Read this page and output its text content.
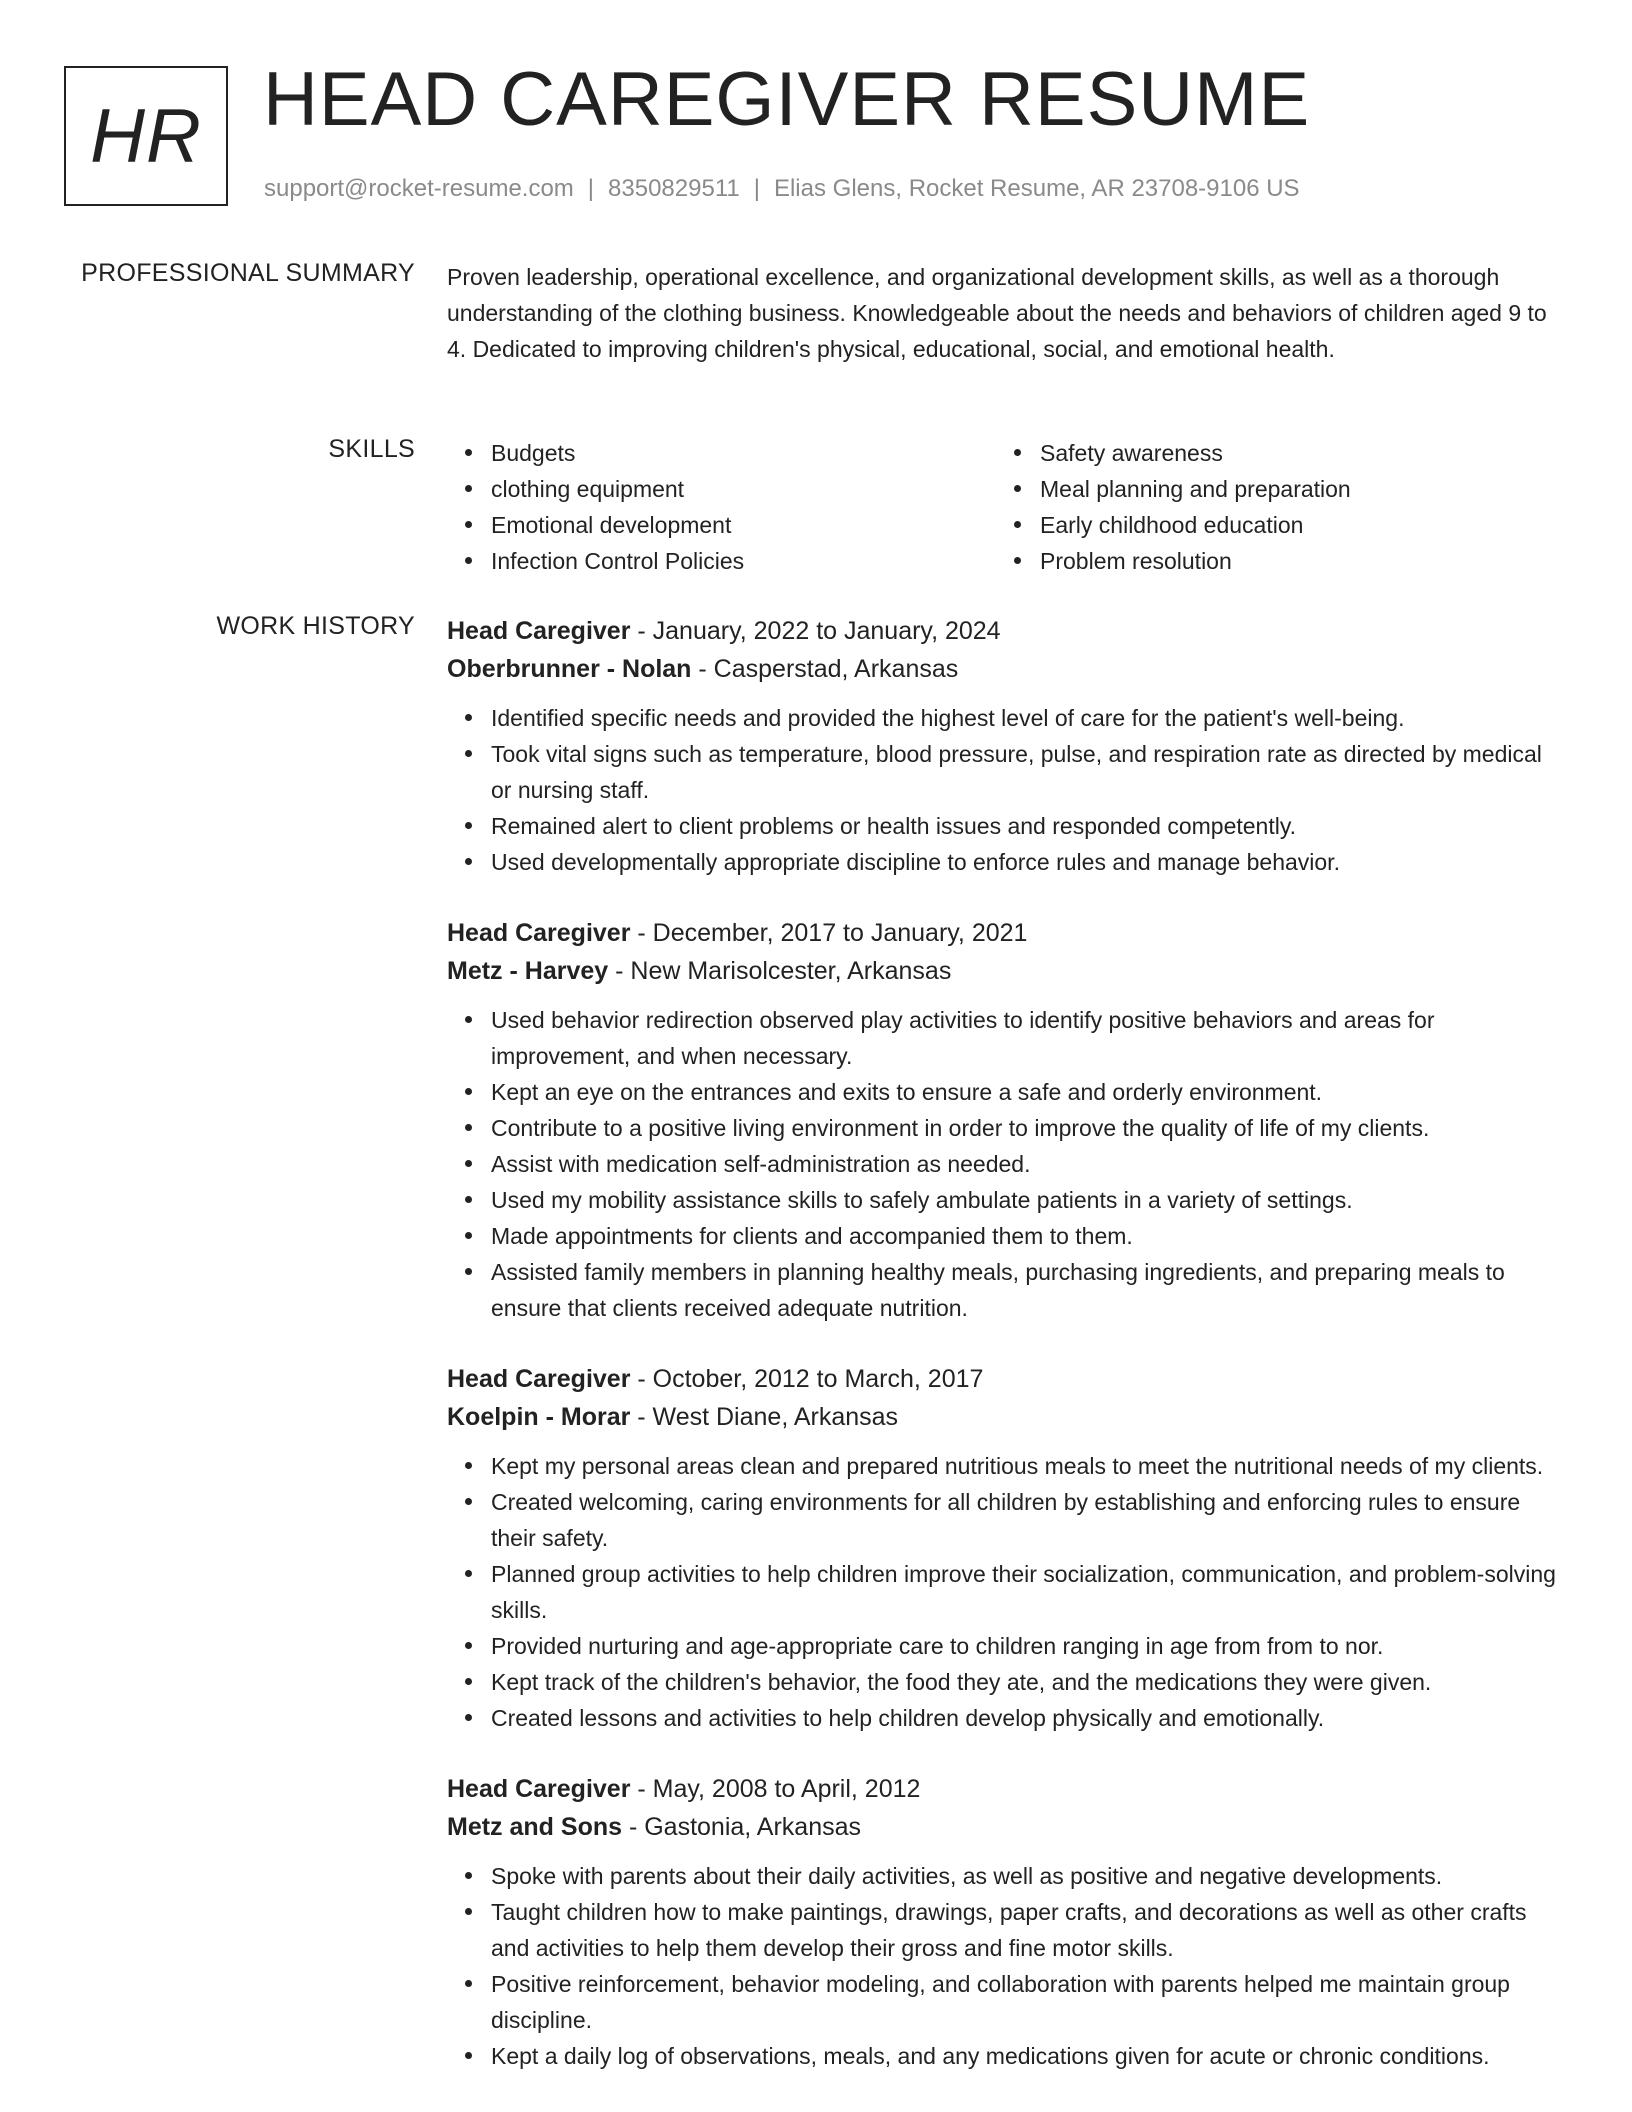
HR HEAD CAREGIVER RESUME
support@rocket-resume.com | 8350829511 | Elias Glens, Rocket Resume, AR 23708-9106 US
PROFESSIONAL SUMMARY Proven leadership, operational excellence, and organizational development skills, as well as a thorough understanding of the clothing business. Knowledgeable about the needs and behaviors of children aged 9 to 4. Dedicated to improving children's physical, educational, social, and emotional health.

SKILLS	Budgets
clothing equipment
Emotional development
Infection Control Policies
Safety awareness
Meal planning and preparation
Early childhood education
Problem resolution
WORK HISTORY Head Caregiver - January, 2022 to January, 2024
Oberbrunner - Nolan - Casperstad, Arkansas
Identified specific needs and provided the highest level of care for the patient's well-being.
Took vital signs such as temperature, blood pressure, pulse, and respiration rate as directed by medical or nursing staff.
Remained alert to client problems or health issues and responded competently.
Used developmentally appropriate discipline to enforce rules and manage behavior.
Head Caregiver - December, 2017 to January, 2021
Metz - Harvey - New Marisolcester, Arkansas
Used behavior redirection observed play activities to identify positive behaviors and areas for improvement, and when necessary.
Kept an eye on the entrances and exits to ensure a safe and orderly environment.
Contribute to a positive living environment in order to improve the quality of life of my clients.
Assist with medication self-administration as needed.
Used my mobility assistance skills to safely ambulate patients in a variety of settings.
Made appointments for clients and accompanied them to them.
Assisted family members in planning healthy meals, purchasing ingredients, and preparing meals to ensure that clients received adequate nutrition.
Head Caregiver - October, 2012 to March, 2017
Koelpin - Morar - West Diane, Arkansas
Kept my personal areas clean and prepared nutritious meals to meet the nutritional needs of my clients.
Created welcoming, caring environments for all children by establishing and enforcing rules to ensure their safety.
Planned group activities to help children improve their socialization, communication, and problem-solving skills.
Provided nurturing and age-appropriate care to children ranging in age from from to nor.
Kept track of the children's behavior, the food they ate, and the medications they were given.
Created lessons and activities to help children develop physically and emotionally.
Head Caregiver - May, 2008 to April, 2012
Metz and Sons - Gastonia, Arkansas
Spoke with parents about their daily activities, as well as positive and negative developments.
Taught children how to make paintings, drawings, paper crafts, and decorations as well as other crafts and activities to help them develop their gross and fine motor skills.
Positive reinforcement, behavior modeling, and collaboration with parents helped me maintain group discipline.
Kept a daily log of observations, meals, and any medications given for acute or chronic conditions.
